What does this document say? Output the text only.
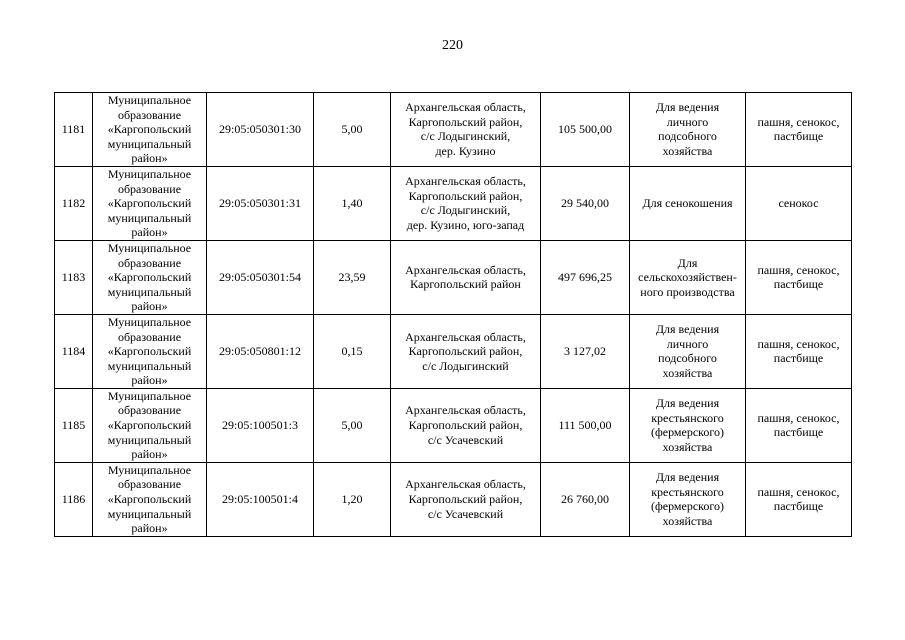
220
1181	Муниципальное
образование
«Каргопольский
муниципальный
район»	29:05:050301:30	5,00	Архангельская область,
Каргопольский район,
с/с Лодыгинский,
дер. Кузино	105 500,00	Для ведения
личного
подсобного
хозяйства	пашня, сенокос,
пастбище

1182	Муниципальное
образование
«Каргопольский
муниципальный
район»	29:05:050301:31	1,40	Архангельская область,
Каргопольский район,
с/с Лодыгинский,
дер. Кузино, юго-запад	29 540,00	Для сенокошения	сенокос

1183	Муниципальное
образование
«Каргопольский
муниципальный
район»	29:05:050301:54	23,59	Архангельская область,
Каргопольский район	497 696,25	Для
сельскохозяйствен-
ного производства	пашня, сенокос,
пастбище

1184	Муниципальное
образование
«Каргопольский
муниципальный
район»	29:05:050801:12	0,15	Архангельская область,
Каргопольский район,
с/с Лодыгинский	3 127,02	Для ведения
личного
подсобного
хозяйства	пашня, сенокос,
пастбище

1185	Муниципальное
образование
«Каргопольский
муниципальный
район»	29:05:100501:3	5,00	Архангельская область,
Каргопольский район,
с/с Усачевский	111 500,00	Для ведения
крестьянского
(фермерского)
хозяйства	пашня, сенокос,
пастбище

1186	Муниципальное
образование
«Каргопольский
муниципальный
район»	29:05:100501:4	1,20	Архангельская область,
Каргопольский район,
с/с Усачевский	26 760,00	Для ведения
крестьянского
(фермерского)
хозяйства	пашня, сенокос,
пастбище
